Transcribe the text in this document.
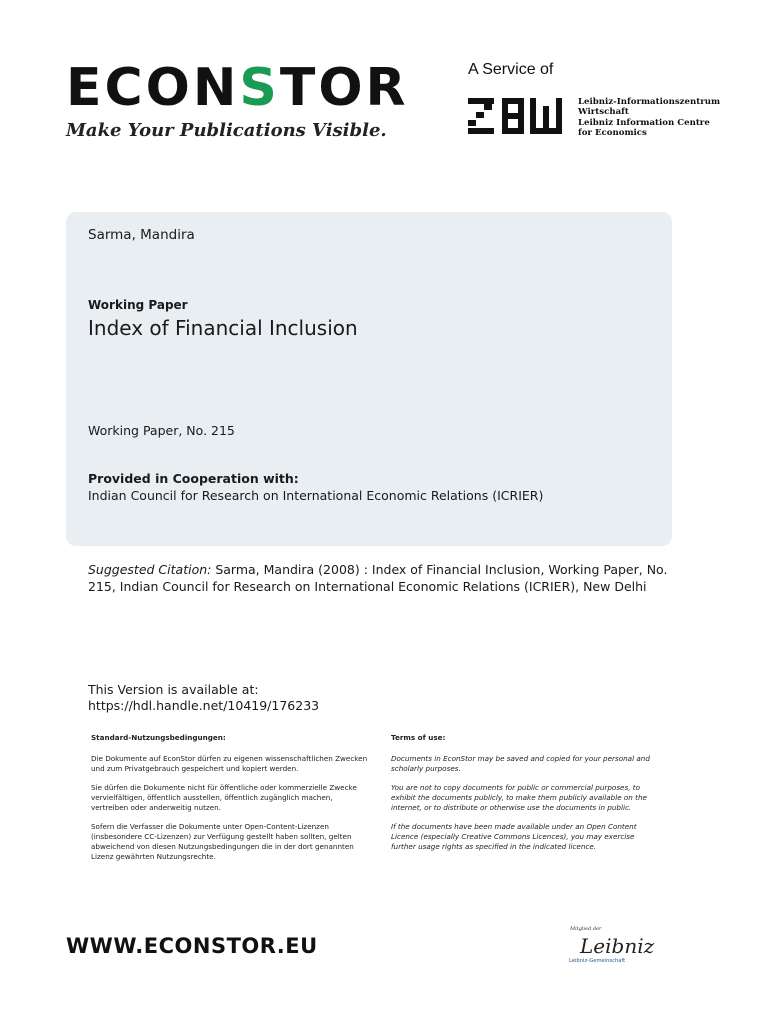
ECONSTOR
Make Your Publications Visible.
A Service of
Leibniz-Informationszentrum
Wirtschaft
Leibniz Information Centre
for Economics
Sarma, Mandira
Working Paper
Index of Financial Inclusion
Working Paper, No. 215
Provided in Cooperation with:
Indian Council for Research on International Economic Relations (ICRIER)
Suggested Citation: Sarma, Mandira (2008) : Index of Financial Inclusion, Working Paper, No. 215, Indian Council for Research on International Economic Relations (ICRIER), New Delhi
This Version is available at:
https://hdl.handle.net/10419/176233
Standard-Nutzungsbedingungen:

Die Dokumente auf EconStor dürfen zu eigenen wissenschaftlichen Zwecken und zum Privatgebrauch gespeichert und kopiert werden.

Sie dürfen die Dokumente nicht für öffentliche oder kommerzielle Zwecke vervielfältigen, öffentlich ausstellen, öffentlich zugänglich machen, vertreiben oder anderweitig nutzen.

Sofern die Verfasser die Dokumente unter Open-Content-Lizenzen (insbesondere CC-Lizenzen) zur Verfügung gestellt haben sollten, gelten abweichend von diesen Nutzungsbedingungen die in der dort genannten Lizenz gewährten Nutzungsrechte.

Terms of use:

Documents in EconStor may be saved and copied for your personal and scholarly purposes.

You are not to copy documents for public or commercial purposes, to exhibit the documents publicly, to make them publicly available on the internet, or to distribute or otherwise use the documents in public.

If the documents have been made available under an Open Content Licence (especially Creative Commons Licences), you may exercise further usage rights as specified in the indicated licence.

WWW.ECONSTOR.EU
Mitglied der
Leibniz
Leibniz-Gemeinschaft
